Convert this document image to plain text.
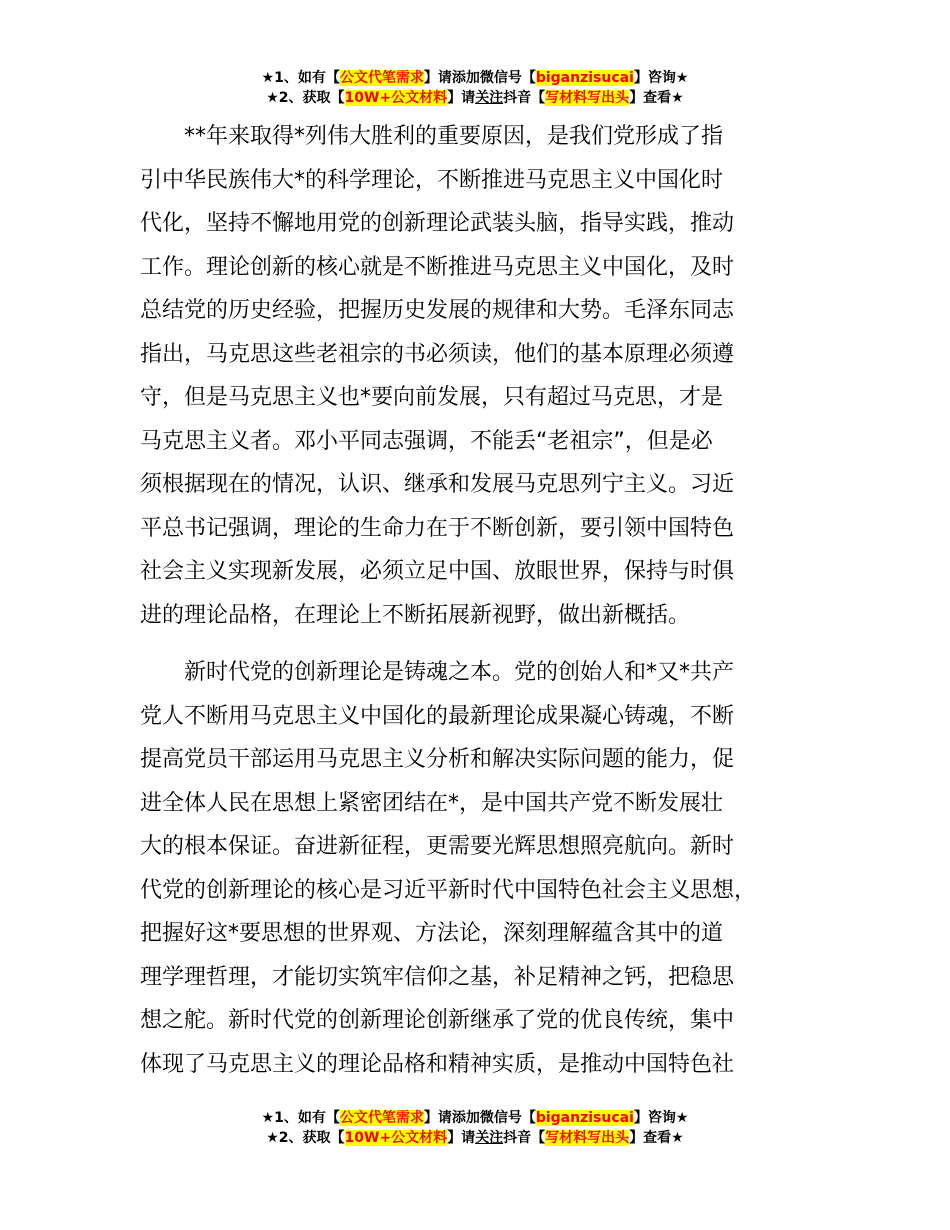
★1、如有【公文代笔需求】请添加微信号【biganzisucai】咨询★
★2、获取【10W+公文材料】请关注抖音【写材料写出头】查看★
**年来取得*列伟大胜利的重要原因，是我们党形成了指
引中华民族伟大*的科学理论，不断推进马克思主义中国化时
代化，坚持不懈地用党的创新理论武装头脑，指导实践，推动
工作。理论创新的核心就是不断推进马克思主义中国化，及时
总结党的历史经验，把握历史发展的规律和大势。毛泽东同志
指出，马克思这些老祖宗的书必须读，他们的基本原理必须遵
守，但是马克思主义也*要向前发展，只有超过马克思，才是
马克思主义者。邓小平同志强调，不能丢“老祖宗”，但是必
须根据现在的情况，认识、继承和发展马克思列宁主义。习近
平总书记强调，理论的生命力在于不断创新，要引领中国特色
社会主义实现新发展，必须立足中国、放眼世界，保持与时俱
进的理论品格，在理论上不断拓展新视野，做出新概括。
新时代党的创新理论是铸魂之本。党的创始人和*又*共产
党人不断用马克思主义中国化的最新理论成果凝心铸魂，不断
提高党员干部运用马克思主义分析和解决实际问题的能力，促
进全体人民在思想上紧密团结在*，是中国共产党不断发展壮
大的根本保证。奋进新征程，更需要光辉思想照亮航向。新时
代党的创新理论的核心是习近平新时代中国特色社会主义思想，
把握好这*要思想的世界观、方法论，深刻理解蕴含其中的道
理学理哲理，才能切实筑牢信仰之基，补足精神之钙，把稳思
想之舵。新时代党的创新理论创新继承了党的优良传统，集中
体现了马克思主义的理论品格和精神实质，是推动中国特色社
★1、如有【公文代笔需求】请添加微信号【biganzisucai】咨询★
★2、获取【10W+公文材料】请关注抖音【写材料写出头】查看★
